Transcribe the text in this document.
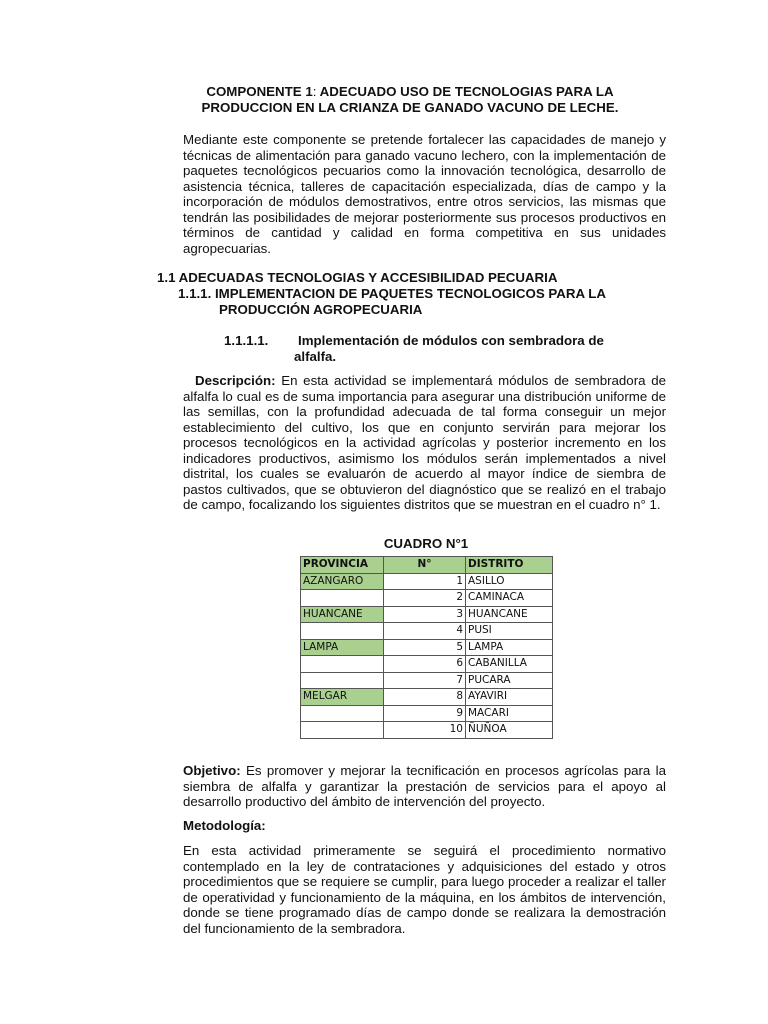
COMPONENTE 1: ADECUADO USO DE TECNOLOGIAS PARA LA PRODUCCION EN LA CRIANZA DE GANADO VACUNO DE LECHE.
Mediante este componente se pretende fortalecer las capacidades de manejo y técnicas de alimentación para ganado vacuno lechero, con la implementación de paquetes tecnológicos pecuarios como la innovación tecnológica, desarrollo de asistencia técnica, talleres de capacitación especializada, días de campo y la incorporación de módulos demostrativos, entre otros servicios, las mismas que tendrán las posibilidades de mejorar posteriormente sus procesos productivos en términos de cantidad y calidad en forma competitiva en sus unidades agropecuarias.
1.1 ADECUADAS TECNOLOGIAS Y ACCESIBILIDAD PECUARIA
1.1.1. IMPLEMENTACION DE PAQUETES TECNOLOGICOS PARA LA
PRODUCCIÓN AGROPECUARIA
1.1.1.1. Implementación de módulos con sembradora de
alfalfa.
Descripción: En esta actividad se implementará módulos de sembradora de alfalfa lo cual es de suma importancia para asegurar una distribución uniforme de las semillas, con la profundidad adecuada de tal forma conseguir un mejor establecimiento del cultivo, los que en conjunto servirán para mejorar los procesos tecnológicos en la actividad agrícolas y posterior incremento en los indicadores productivos, asimismo los módulos serán implementados a nivel distrital, los cuales se evaluarón de acuerdo al mayor índice de siembra de pastos cultivados, que se obtuvieron del diagnóstico que se realizó en el trabajo de campo, focalizando los siguientes distritos que se muestran en el cuadro n° 1.
CUADRO N°1
PROVINCIA	N°	DISTRITO
AZANGARO	1	ASILLO
	2	CAMINACA
HUANCANE	3	HUANCANE
	4	PUSI
LAMPA	5	LAMPA
	6	CABANILLA
	7	PUCARA
MELGAR	8	AYAVIRI
	9	MACARI
	10	ÑUÑOA
Objetivo: Es promover y mejorar la tecnificación en procesos agrícolas para la siembra de alfalfa y garantizar la prestación de servicios para el apoyo al desarrollo productivo del ámbito de intervención del proyecto.
Metodología:
En esta actividad primeramente se seguirá el procedimiento normativo contemplado en la ley de contrataciones y adquisiciones del estado y otros procedimientos que se requiere se cumplir, para luego proceder a realizar el taller de operatividad y funcionamiento de la máquina, en los ámbitos de intervención, donde se tiene programado días de campo donde se realizara la demostración del funcionamiento de la sembradora.
